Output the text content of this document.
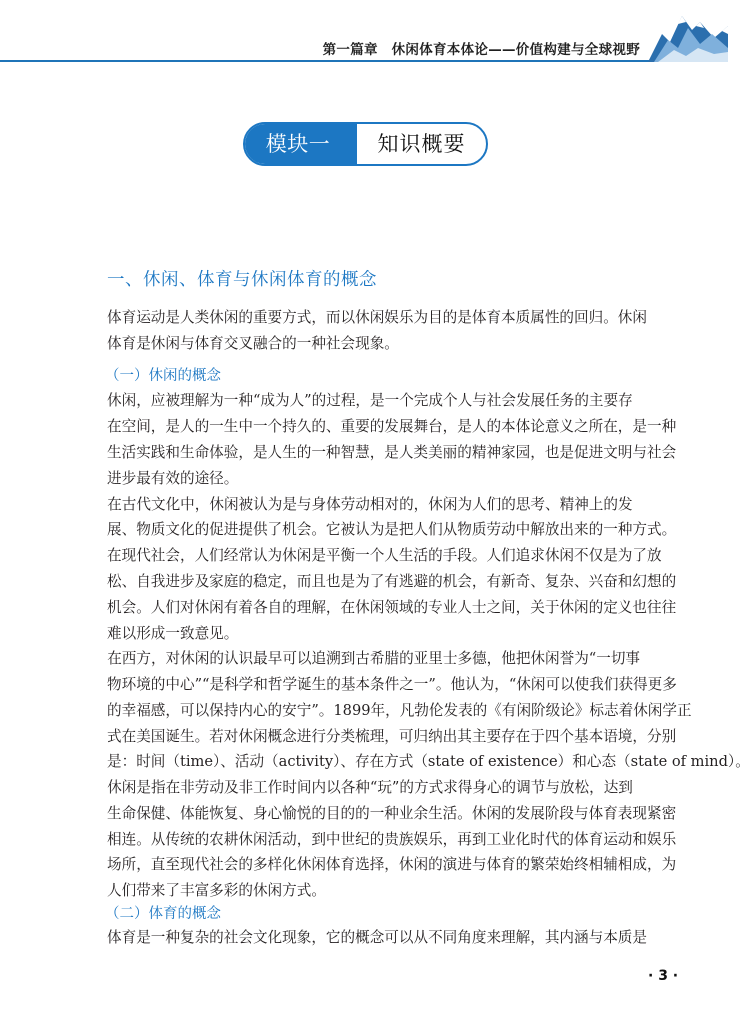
第一篇章　休闲体育本体论——价值构建与全球视野
模块一	知识概要
一、休闲、体育与休闲体育的概念
体育运动是人类休闲的重要方式，而以休闲娱乐为目的是体育本质属性的回归。休闲
体育是休闲与体育交叉融合的一种社会现象。
（一）休闲的概念
休闲，应被理解为一种“成为人”的过程，是一个完成个人与社会发展任务的主要存
在空间，是人的一生中一个持久的、重要的发展舞台，是人的本体论意义之所在，是一种
生活实践和生命体验，是人生的一种智慧，是人类美丽的精神家园，也是促进文明与社会
进步最有效的途径。
　　在古代文化中，休闲被认为是与身体劳动相对的，休闲为人们的思考、精神上的发
展、物质文化的促进提供了机会。它被认为是把人们从物质劳动中解放出来的一种方式。
在现代社会，人们经常认为休闲是平衡一个人生活的手段。人们追求休闲不仅是为了放
松、自我进步及家庭的稳定，而且也是为了有逃避的机会，有新奇、复杂、兴奋和幻想的
机会。人们对休闲有着各自的理解，在休闲领域的专业人士之间，关于休闲的定义也往往
难以形成一致意见。
　　在西方，对休闲的认识最早可以追溯到古希腊的亚里士多德，他把休闲誉为“一切事
物环境的中心”“是科学和哲学诞生的基本条件之一”。他认为，“休闲可以使我们获得更多
的幸福感，可以保持内心的安宁”。1899年，凡勃伦发表的《有闲阶级论》标志着休闲学正
式在美国诞生。若对休闲概念进行分类梳理，可归纳出其主要存在于四个基本语境，分别
是：时间（time）、活动（activity）、存在方式（state of existence）和心态（state of mind）。
　　休闲是指在非劳动及非工作时间内以各种“玩”的方式求得身心的调节与放松，达到
生命保健、体能恢复、身心愉悦的目的的一种业余生活。休闲的发展阶段与体育表现紧密
相连。从传统的农耕休闲活动，到中世纪的贵族娱乐，再到工业化时代的体育运动和娱乐
场所，直至现代社会的多样化休闲体育选择，休闲的演进与体育的繁荣始终相辅相成，为
人们带来了丰富多彩的休闲方式。
（二）体育的概念
体育是一种复杂的社会文化现象，它的概念可以从不同角度来理解，其内涵与本质是
· 3 ·
